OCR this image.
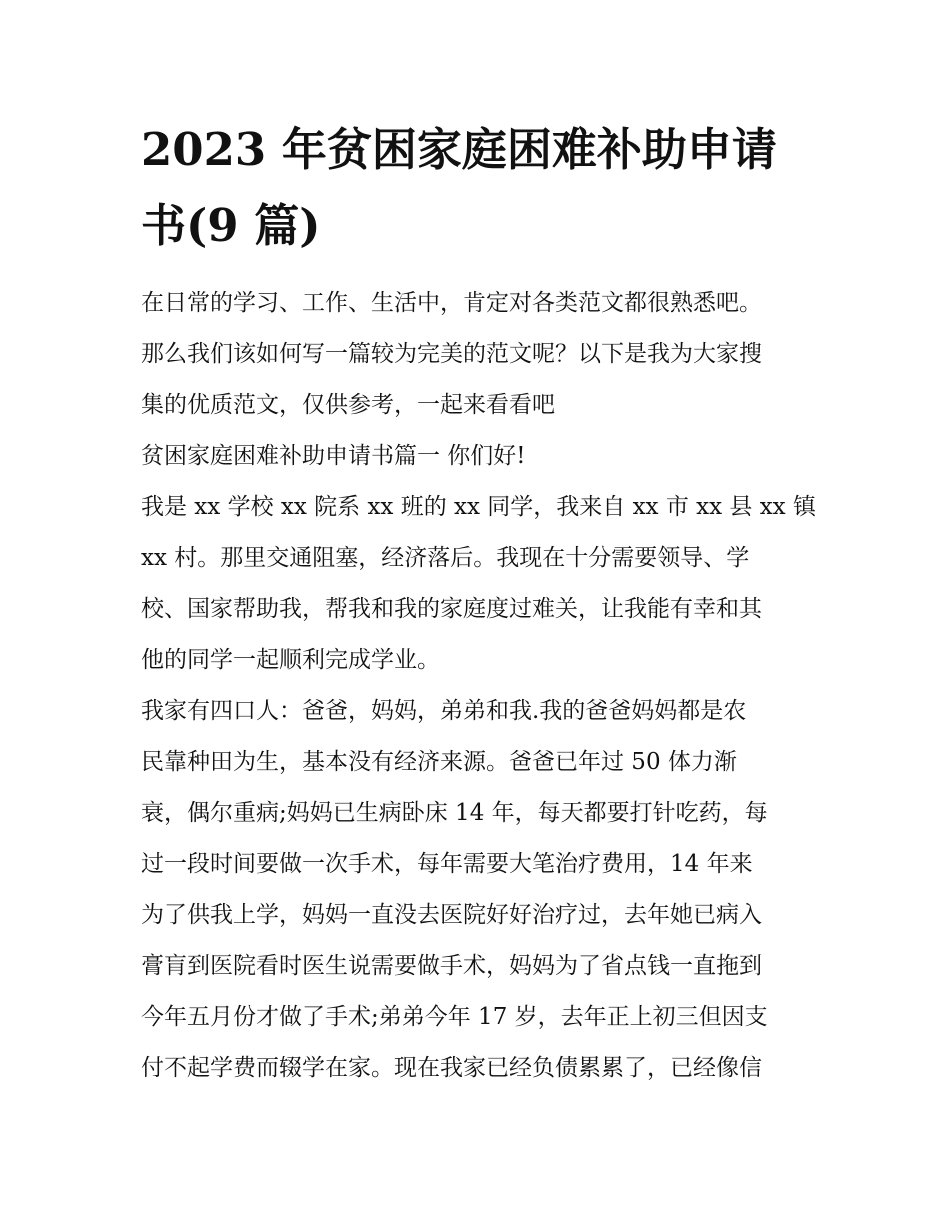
2023 年贫困家庭困难补助申请
书(9 篇)
在日常的学习、工作、生活中，肯定对各类范文都很熟悉吧。
那么我们该如何写一篇较为完美的范文呢？以下是我为大家搜
集的优质范文，仅供参考，一起来看看吧
贫困家庭困难补助申请书篇一 你们好!
我是 xx 学校 xx 院系 xx 班的 xx 同学，我来自 xx 市 xx 县 xx 镇
xx 村。那里交通阻塞，经济落后。我现在十分需要领导、学
校、国家帮助我，帮我和我的家庭度过难关，让我能有幸和其
他的同学一起顺利完成学业。
我家有四口人：爸爸，妈妈，弟弟和我.我的爸爸妈妈都是农
民靠种田为生，基本没有经济来源。爸爸已年过 50 体力渐
衰，偶尔重病;妈妈已生病卧床 14 年，每天都要打针吃药，每
过一段时间要做一次手术，每年需要大笔治疗费用，14 年来
为了供我上学，妈妈一直没去医院好好治疗过，去年她已病入
膏肓到医院看时医生说需要做手术，妈妈为了省点钱一直拖到
今年五月份才做了手术;弟弟今年 17 岁，去年正上初三但因支
付不起学费而辍学在家。现在我家已经负债累累了，已经像信
